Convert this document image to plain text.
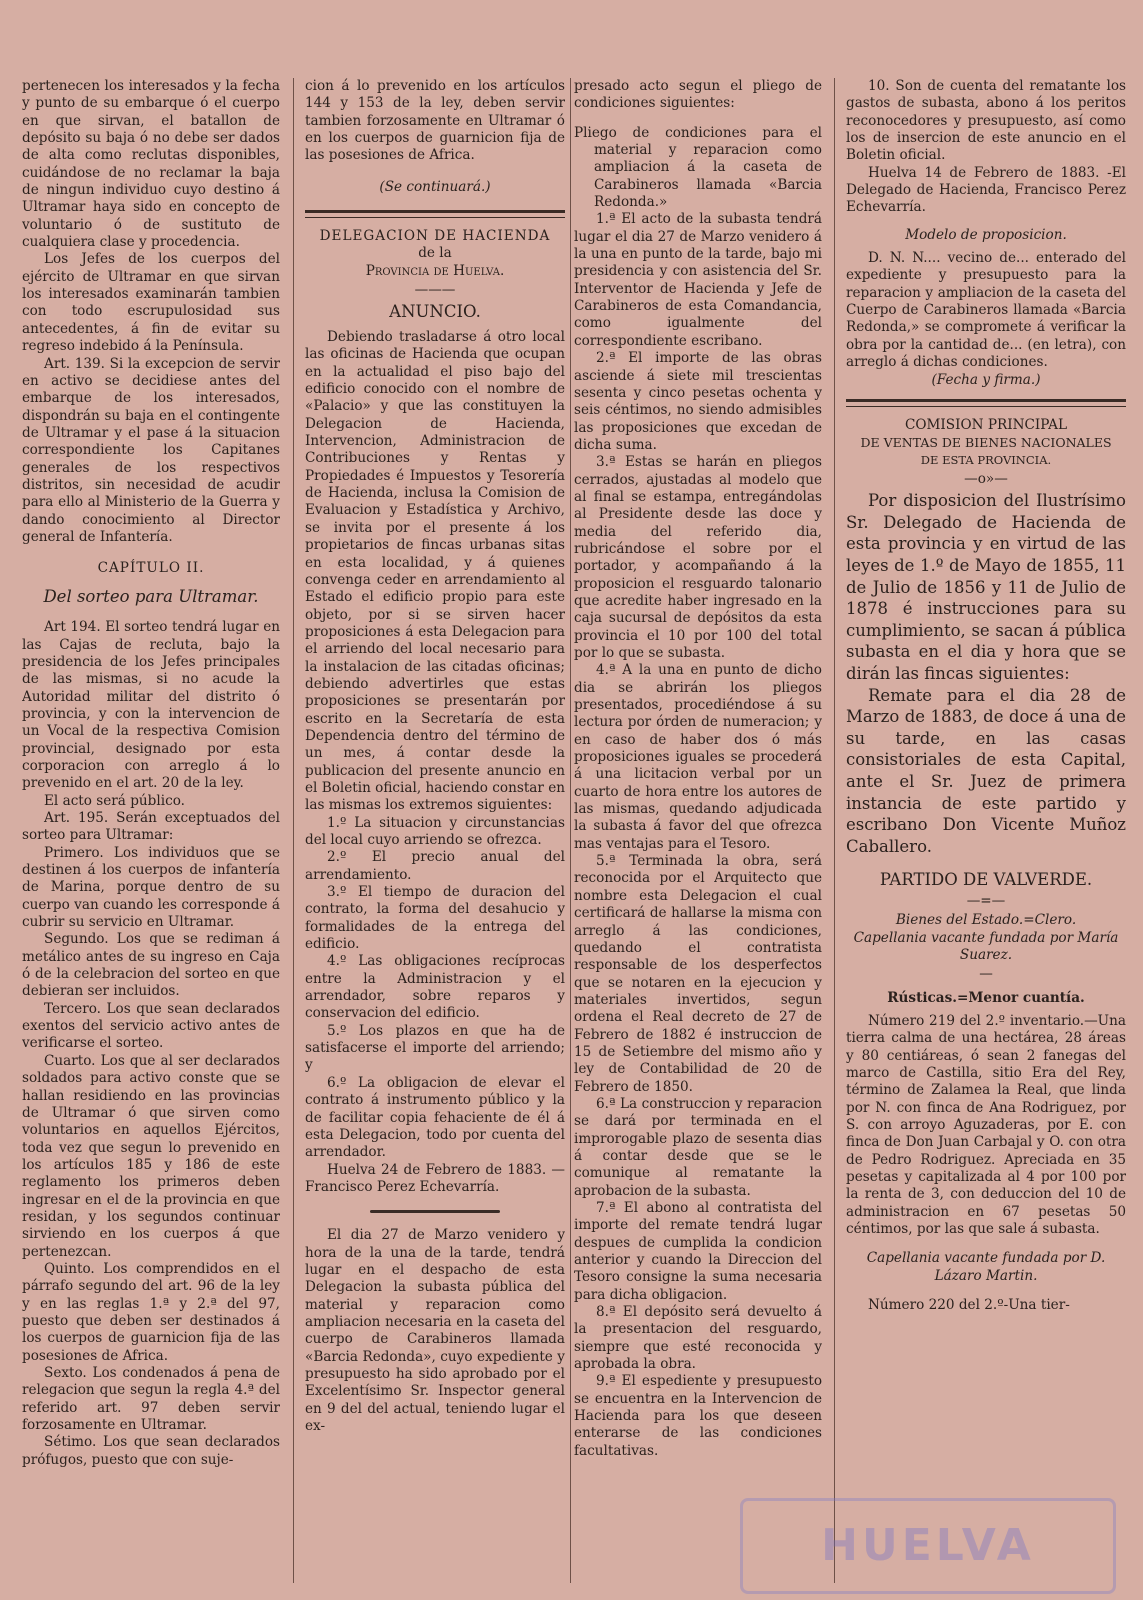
pertenecen los interesados y la fecha y punto de su embarque ó el cuerpo en que sirvan, el batallon de depósito su baja ó no debe ser dados de alta como reclutas disponibles, cuidándose de no reclamar la baja de ningun individuo cuyo destino á Ultramar haya sido en concepto de voluntario ó de sustituto de cualquiera clase y procedencia.

Los Jefes de los cuerpos del ejército de Ultramar en que sirvan los interesados examinarán tambien con todo escrupulosidad sus antecedentes, á fin de evitar su regreso indebido á la Península.

Art. 139. Si la excepcion de servir en activo se decidiese antes del embarque de los interesados, dispondrán su baja en el contingente de Ultramar y el pase á la situacion correspondiente los Capitanes generales de los respectivos distritos, sin necesidad de acudir para ello al Ministerio de la Guerra y dando conocimiento al Director general de Infantería.

CAPÍTULO II.

Del sorteo para Ultramar.

Art 194. El sorteo tendrá lugar en las Cajas de recluta, bajo la presidencia de los Jefes principales de las mismas, si no acude la Autoridad militar del distrito ó provincia, y con la intervencion de un Vocal de la respectiva Comision provincial, designado por esta corporacion con arreglo á lo prevenido en el art. 20 de la ley.

El acto será público.

Art. 195. Serán exceptuados del sorteo para Ultramar:

Primero. Los individuos que se destinen á los cuerpos de infantería de Marina, porque dentro de su cuerpo van cuando les corresponde á cubrir su servicio en Ultramar.

Segundo. Los que se rediman á metálico antes de su ingreso en Caja ó de la celebracion del sorteo en que debieran ser incluidos.

Tercero. Los que sean declarados exentos del servicio activo antes de verificarse el sorteo.

Cuarto. Los que al ser declarados soldados para activo conste que se hallan residiendo en las provincias de Ultramar ó que sirven como voluntarios en aquellos Ejércitos, toda vez que segun lo prevenido en los artículos 185 y 186 de este reglamento los primeros deben ingresar en el de la provincia en que residan, y los segundos continuar sirviendo en los cuerpos á que pertenezcan.

Quinto. Los comprendidos en el párrafo segundo del art. 96 de la ley y en las reglas 1.ª y 2.ª del 97, puesto que deben ser destinados á los cuerpos de guarnicion fija de las posesiones de Africa.

Sexto. Los condenados á pena de relegacion que segun la regla 4.ª del referido art. 97 deben servir forzosamente en Ultramar.

Sétimo. Los que sean declarados prófugos, puesto que con suje-

cion á lo prevenido en los artículos 144 y 153 de la ley, deben servir tambien forzosamente en Ultramar ó en los cuerpos de guarnicion fija de las posesiones de Africa.

(Se continuará.)

DELEGACION DE HACIENDA

de la

Provincia de Huelva.

———

ANUNCIO.

Debiendo trasladarse á otro local las oficinas de Hacienda que ocupan en la actualidad el piso bajo del edificio conocido con el nombre de «Palacio» y que las constituyen la Delegacion de Hacienda, Intervencion, Administracion de Contribuciones y Rentas y Propiedades é Impuestos y Tesorería de Hacienda, inclusa la Comision de Evaluacion y Estadística y Archivo, se invita por el presente á los propietarios de fincas urbanas sitas en esta localidad, y á quienes convenga ceder en arrendamiento al Estado el edificio propio para este objeto, por si se sirven hacer proposiciones á esta Delegacion para el arriendo del local necesario para la instalacion de las citadas oficinas; debiendo advertirles que estas proposiciones se presentarán por escrito en la Secretaría de esta Dependencia dentro del término de un mes, á contar desde la publicacion del presente anuncio en el Boletin oficial, haciendo constar en las mismas los extremos siguientes:

1.º La situacion y circunstancias del local cuyo arriendo se ofrezca.

2.º El precio anual del arrendamiento.

3.º El tiempo de duracion del contrato, la forma del desahucio y formalidades de la entrega del edificio.

4.º Las obligaciones recíprocas entre la Administracion y el arrendador, sobre reparos y conservacion del edificio.

5.º Los plazos en que ha de satisfacerse el importe del arriendo; y

6.º La obligacion de elevar el contrato á instrumento público y la de facilitar copia fehaciente de él á esta Delegacion, todo por cuenta del arrendador.

Huelva 24 de Febrero de 1883. —Francisco Perez Echevarría.

El dia 27 de Marzo venidero y hora de la una de la tarde, tendrá lugar en el despacho de esta Delegacion la subasta pública del material y reparacion como ampliacion necesaria en la caseta del cuerpo de Carabineros llamada «Barcia Redonda», cuyo expediente y presupuesto ha sido aprobado por el Excelentísimo Sr. Inspector general en 9 del del actual, teniendo lugar el ex-

presado acto segun el pliego de condiciones siguientes:

Pliego de condiciones para el material y reparacion como ampliacion á la caseta de Carabineros llamada «Barcia Redonda.»

1.ª El acto de la subasta tendrá lugar el dia 27 de Marzo venidero á la una en punto de la tarde, bajo mi presidencia y con asistencia del Sr. Interventor de Hacienda y Jefe de Carabineros de esta Comandancia, como igualmente del correspondiente escribano.

2.ª El importe de las obras asciende á siete mil trescientas sesenta y cinco pesetas ochenta y seis céntimos, no siendo admisibles las proposiciones que excedan de dicha suma.

3.ª Estas se harán en pliegos cerrados, ajustadas al modelo que al final se estampa, entregándolas al Presidente desde las doce y media del referido dia, rubricándose el sobre por el portador, y acompañando á la proposicion el resguardo talonario que acredite haber ingresado en la caja sucursal de depósitos da esta provincia el 10 por 100 del total por lo que se subasta.

4.ª A la una en punto de dicho dia se abrirán los pliegos presentados, procediéndose á su lectura por órden de numeracion; y en caso de haber dos ó más proposiciones iguales se procederá á una licitacion verbal por un cuarto de hora entre los autores de las mismas, quedando adjudicada la subasta á favor del que ofrezca mas ventajas para el Tesoro.

5.ª Terminada la obra, será reconocida por el Arquitecto que nombre esta Delegacion el cual certificará de hallarse la misma con arreglo á las condiciones, quedando el contratista responsable de los desperfectos que se notaren en la ejecucion y materiales invertidos, segun ordena el Real decreto de 27 de Febrero de 1882 é instruccion de 15 de Setiembre del mismo año y ley de Contabilidad de 20 de Febrero de 1850.

6.ª La construccion y reparacion se dará por terminada en el improrogable plazo de sesenta dias á contar desde que se le comunique al rematante la aprobacion de la subasta.

7.ª El abono al contratista del importe del remate tendrá lugar despues de cumplida la condicion anterior y cuando la Direccion del Tesoro consigne la suma necesaria para dicha obligacion.

8.ª El depósito será devuelto á la presentacion del resguardo, siempre que esté reconocida y aprobada la obra.

9.ª El espediente y presupuesto se encuentra en la Intervencion de Hacienda para los que deseen enterarse de las condiciones facultativas.

10. Son de cuenta del rematante los gastos de subasta, abono á los peritos reconocedores y presupuesto, así como los de insercion de este anuncio en el Boletin oficial.

Huelva 14 de Febrero de 1883. -El Delegado de Hacienda, Francisco Perez Echevarría.

Modelo de proposicion.

D. N. N.... vecino de... enterado del expediente y presupuesto para la reparacion y ampliacion de la caseta del Cuerpo de Carabineros llamada «Barcia Redonda,» se compromete á verificar la obra por la cantidad de... (en letra), con arreglo á dichas condiciones.

(Fecha y firma.)

COMISION PRINCIPAL

DE VENTAS DE BIENES NACIONALES

DE ESTA PROVINCIA.

—o»—

Por disposicion del Ilustrísimo Sr. Delegado de Hacienda de esta provincia y en virtud de las leyes de 1.º de Mayo de 1855, 11 de Julio de 1856 y 11 de Julio de 1878 é instrucciones para su cumplimiento, se sacan á pública subasta en el dia y hora que se dirán las fincas siguientes:

Remate para el dia 28 de Marzo de 1883, de doce á una de su tarde, en las casas consistoriales de esta Capital, ante el Sr. Juez de primera instancia de este partido y escribano Don Vicente Muñoz Caballero.

PARTIDO DE VALVERDE.

—=—

Bienes del Estado.=Clero.

Capellania vacante fundada por María Suarez.

—

Rústicas.=Menor cuantía.

Número 219 del 2.º inventario.—Una tierra calma de una hectárea, 28 áreas y 80 centiáreas, ó sean 2 fanegas del marco de Castilla, sitio Era del Rey, término de Zalamea la Real, que linda por N. con finca de Ana Rodriguez, por S. con arroyo Aguzaderas, por E. con finca de Don Juan Carbajal y O. con otra de Pedro Rodriguez. Apreciada en 35 pesetas y capitalizada al 4 por 100 por la renta de 3, con deduccion del 10 de administracion en 67 pesetas 50 céntimos, por las que sale á subasta.

Capellania vacante fundada por D. Lázaro Martin.

Número 220 del 2.º-Una tier-

HUELVA
